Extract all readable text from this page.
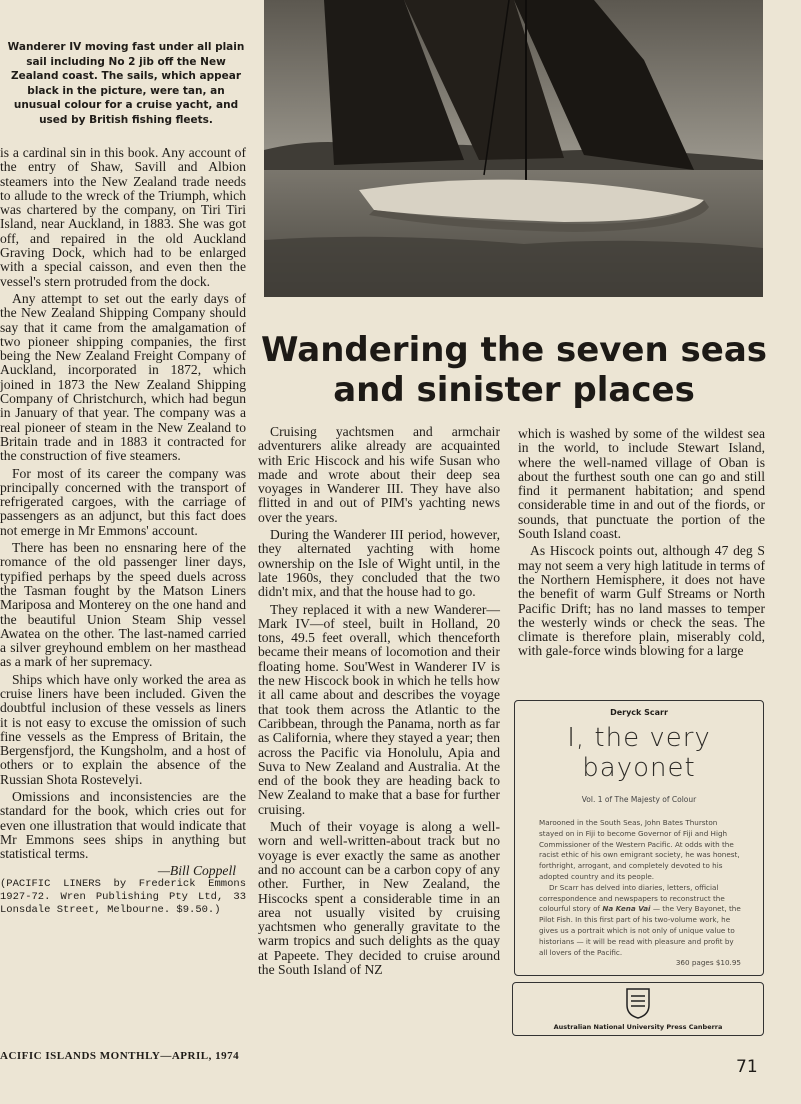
Wanderer IV moving fast under all plain sail including No 2 jib off the New Zealand coast. The sails, which appear black in the picture, were tan, an unusual colour for a cruise yacht, and used by British fishing fleets.
Wandering the seven seas
and sinister places

is a cardinal sin in this book. Any account of the entry of Shaw, Savill and Albion steamers into the New Zealand trade needs to allude to the wreck of the Triumph, which was chartered by the company, on Tiri Tiri Island, near Auckland, in 1883. She was got off, and repaired in the old Auckland Graving Dock, which had to be enlarged with a special caisson, and even then the vessel's stern protruded from the dock.

Any attempt to set out the early days of the New Zealand Shipping Company should say that it came from the amalgamation of two pioneer shipping companies, the first being the New Zealand Freight Company of Auckland, incorporated in 1872, which joined in 1873 the New Zealand Shipping Company of Christchurch, which had begun in January of that year. The company was a real pioneer of steam in the New Zealand to Britain trade and in 1883 it contracted for the construction of five steamers.

For most of its career the company was principally concerned with the transport of refrigerated cargoes, with the carriage of passengers as an adjunct, but this fact does not emerge in Mr Emmons' account.

There has been no ensnaring here of the romance of the old passenger liner days, typified perhaps by the speed duels across the Tasman fought by the Matson Liners Mariposa and Monterey on the one hand and the beautiful Union Steam Ship vessel Awatea on the other. The last-named carried a silver greyhound emblem on her masthead as a mark of her supremacy.

Ships which have only worked the area as cruise liners have been included. Given the doubtful inclusion of these vessels as liners it is not easy to excuse the omission of such fine vessels as the Empress of Britain, the Bergensfjord, the Kungsholm, and a host of others or to explain the absence of the Russian Shota Rostevelyi.

Omissions and inconsistencies are the standard for the book, which cries out for even one illustration that would indicate that Mr Emmons sees ships in anything but statistical terms.

—Bill Coppell

(PACIFIC LINERS by Frederick Emmons 1927-72. Wren Publishing Pty Ltd, 33 Lonsdale Street, Melbourne. $9.50.)

Cruising yachtsmen and armchair adventurers alike already are acquainted with Eric Hiscock and his wife Susan who made and wrote about their deep sea voyages in Wanderer III. They have also flitted in and out of PIM's yachting news over the years.

During the Wanderer III period, however, they alternated yachting with home ownership on the Isle of Wight until, in the late 1960s, they concluded that the two didn't mix, and that the house had to go.

They replaced it with a new Wanderer—Mark IV—of steel, built in Holland, 20 tons, 49.5 feet overall, which thenceforth became their means of locomotion and their floating home. Sou'West in Wanderer IV is the new Hiscock book in which he tells how it all came about and describes the voyage that took them across the Atlantic to the Caribbean, through the Panama, north as far as California, where they stayed a year; then across the Pacific via Honolulu, Apia and Suva to New Zealand and Australia. At the end of the book they are heading back to New Zealand to make that a base for further cruising.

Much of their voyage is along a well-worn and well-written-about track but no voyage is ever exactly the same as another and no account can be a carbon copy of any other. Further, in New Zealand, the Hiscocks spent a considerable time in an area not usually visited by cruising yachtsmen who generally gravitate to the warm tropics and such delights as the quay at Papeete. They decided to cruise around the South Island of NZ

which is washed by some of the wildest sea in the world, to include Stewart Island, where the well-named village of Oban is about the furthest south one can go and still find it permanent habitation; and spend considerable time in and out of the fiords, or sounds, that punctuate the portion of the South Island coast.

As Hiscock points out, although 47 deg S may not seem a very high latitude in terms of the Northern Hemisphere, it does not have the benefit of warm Gulf Streams or North Pacific Drift; has no land masses to temper the westerly winds or check the seas. The climate is therefore plain, miserably cold, with gale-force winds blowing for a large

Deryck Scarr
I, the very bayonet
Vol. 1 of The Majesty of Colour
Marooned in the South Seas, John Bates Thurston stayed on in Fiji to become Governor of Fiji and High Commissioner of the Western Pacific. At odds with the racist ethic of his own emigrant society, he was honest, forthright, arrogant, and completely devoted to his adopted country and its people.
Dr Scarr has delved into diaries, letters, official correspondence and newspapers to reconstruct the colourful story of Na Kena Vai — the Very Bayonet, the Pilot Fish. In this first part of his two-volume work, he gives us a portrait which is not only of unique value to historians — it will be read with pleasure and profit by all lovers of the Pacific.
360 pages $10.95
Australian National University Press Canberra
ACIFIC ISLANDS MONTHLY—APRIL, 1974
71
